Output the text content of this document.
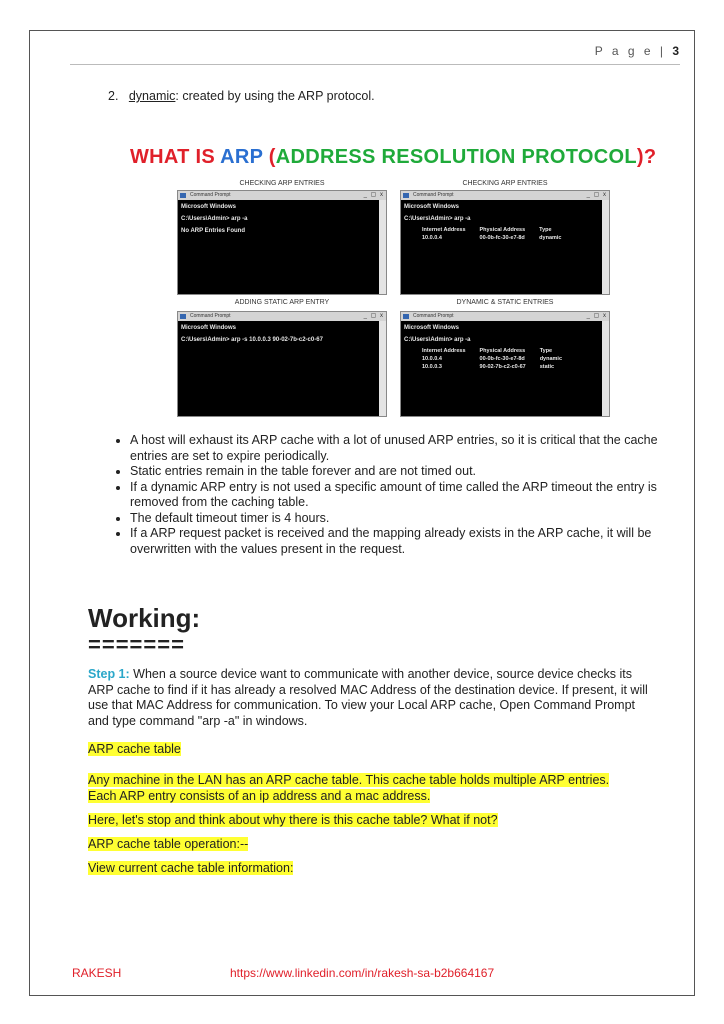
P a g e | 3
2. dynamic: created by using the ARP protocol.
WHAT IS ARP (ADDRESS RESOLUTION PROTOCOL)?
CHECKING ARP ENTRIES	CHECKING ARP ENTRIES
ADDING STATIC ARP ENTRY	DYNAMIC & STATIC ENTRIES
Command Prompt	_ ▢ x
Microsoft Windows
C:\Users\Admin> arp -a
No ARP Entries Found
Command Prompt	_ ▢ x
Microsoft Windows
C:\Users\Admin> arp -a
Internet Address	Physical Address	Type
10.0.0.4	00-0b-fc-30-e7-8d	dynamic
Command Prompt	_ ▢ x
Microsoft Windows
C:\Users\Admin> arp -s 10.0.0.3 90-02-7b-c2-c0-67
Command Prompt	_ ▢ x
Microsoft Windows
C:\Users\Admin> arp -a
Internet Address	Physical Address	Type
10.0.0.4	00-0b-fc-30-e7-8d	dynamic
10.0.0.3	90-02-7b-c2-c0-67	static
• A host will exhaust its ARP cache with a lot of unused ARP entries, so it is critical that the cache entries are set to expire periodically.
• Static entries remain in the table forever and are not timed out.
• If a dynamic ARP entry is not used a specific amount of time called the ARP timeout the entry is removed from the caching table.
• The default timeout timer is 4 hours.
• If a ARP request packet is received and the mapping already exists in the ARP cache, it will be overwritten with the values present in the request.
Working:
=======
Step 1: When a source device want to communicate with another device, source device checks its ARP cache to find if it has already a resolved MAC Address of the destination device. If present, it will use that MAC Address for communication. To view your Local ARP cache, Open Command Prompt and type command "arp -a" in windows.
ARP cache table
Any machine in the LAN has an ARP cache table. This cache table holds multiple ARP entries. Each ARP entry consists of an ip address and a mac address.
Here, let's stop and think about why there is this cache table? What if not?
ARP cache table operation:--
View current cache table information:
RAKESH	https://www.linkedin.com/in/rakesh-sa-b2b664167
